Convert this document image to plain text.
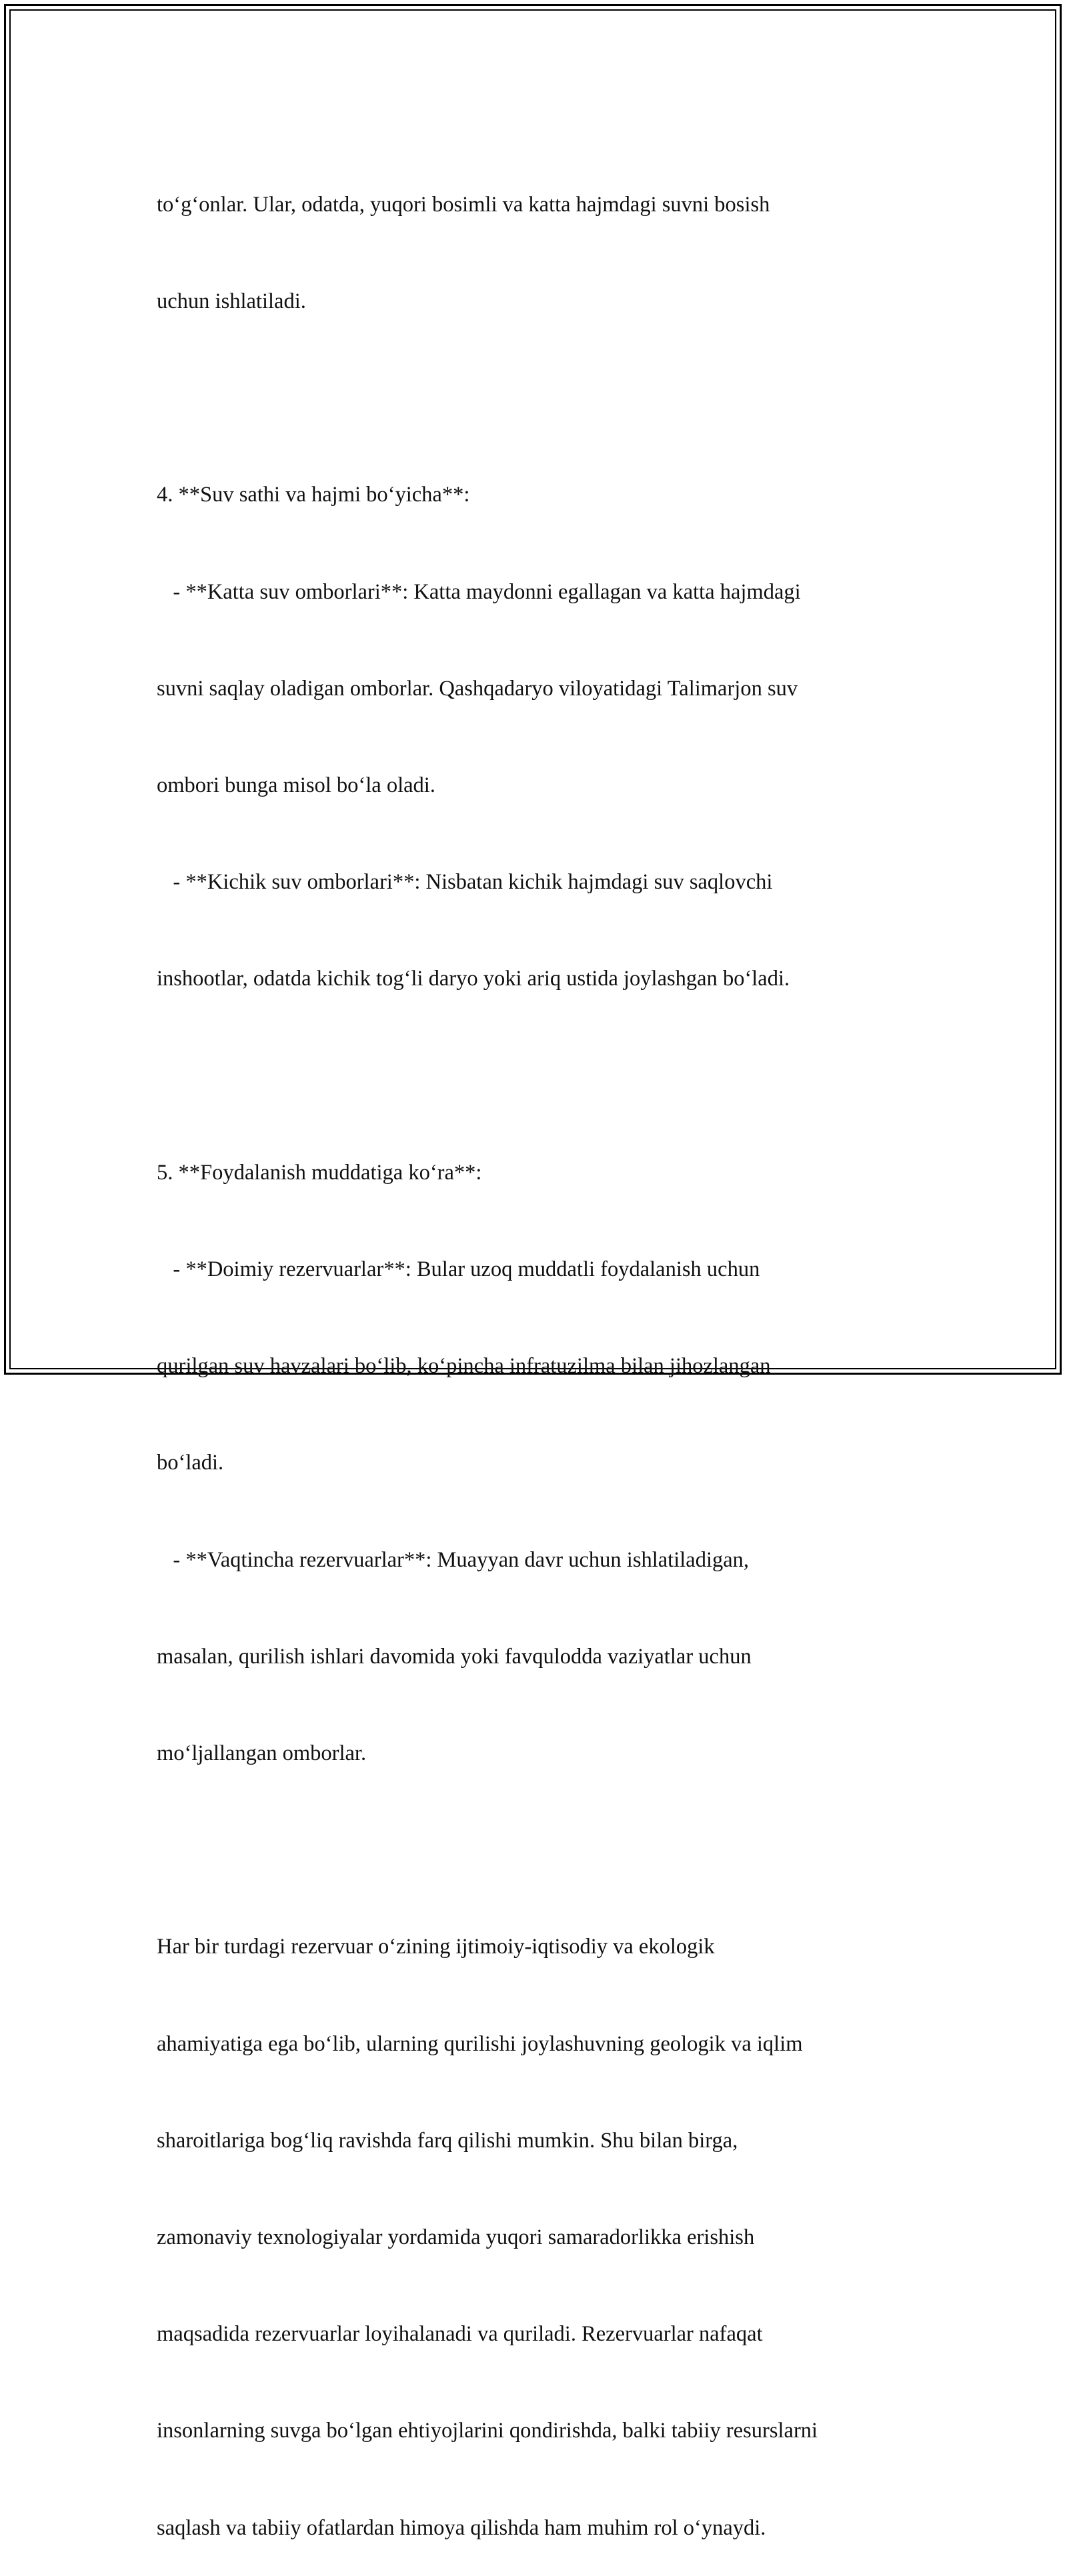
to‘g‘onlar. Ular, odatda, yuqori bosimli va katta hajmdagi suvni bosish

uchun ishlatiladi.

4. **Suv sathi va hajmi bo‘yicha**:

- **Katta suv omborlari**: Katta maydonni egallagan va katta hajmdagi

suvni saqlay oladigan omborlar. Qashqadaryo viloyatidagi Talimarjon suv

ombori bunga misol bo‘la oladi.

- **Kichik suv omborlari**: Nisbatan kichik hajmdagi suv saqlovchi

inshootlar, odatda kichik tog‘li daryo yoki ariq ustida joylashgan bo‘ladi.

5. **Foydalanish muddatiga ko‘ra**:

- **Doimiy rezervuarlar**: Bular uzoq muddatli foydalanish uchun

qurilgan suv havzalari bo‘lib, ko‘pincha infratuzilma bilan jihozlangan

bo‘ladi.

- **Vaqtincha rezervuarlar**: Muayyan davr uchun ishlatiladigan,

masalan, qurilish ishlari davomida yoki favqulodda vaziyatlar uchun

mo‘ljallangan omborlar.

Har bir turdagi rezervuar o‘zining ijtimoiy-iqtisodiy va ekologik

ahamiyatiga ega bo‘lib, ularning qurilishi joylashuvning geologik va iqlim

sharoitlariga bog‘liq ravishda farq qilishi mumkin. Shu bilan birga,

zamonaviy texnologiyalar yordamida yuqori samaradorlikka erishish

maqsadida rezervuarlar loyihalanadi va quriladi. Rezervuarlar nafaqat

insonlarning suvga bo‘lgan ehtiyojlarini qondirishda, balki tabiiy resurslarni

saqlash va tabiiy ofatlardan himoya qilishda ham muhim rol o‘ynaydi.
